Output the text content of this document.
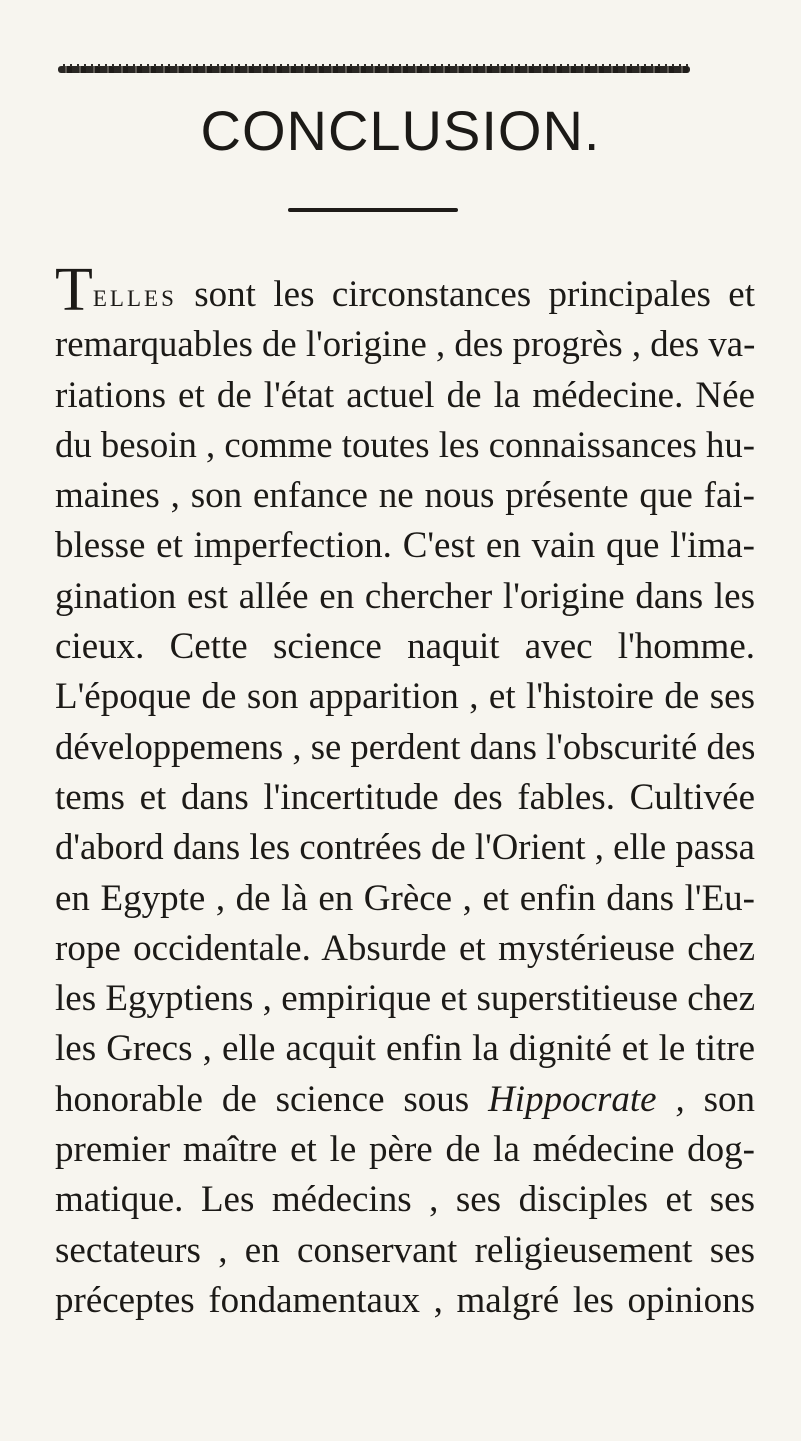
CONCLUSION.
Telles sont les circonstances principales et
remarquables de l'origine , des progrès , des va-
riations et de l'état actuel de la médecine. Née
du besoin , comme toutes les connaissances hu-
maines , son enfance ne nous présente que fai-
blesse et imperfection. C'est en vain que l'ima-
gination est allée en chercher l'origine dans les
cieux. Cette science naquit avec l'homme.
L'époque de son apparition , et l'histoire de ses
développemens , se perdent dans l'obscurité des
tems et dans l'incertitude des fables. Cultivée
d'abord dans les contrées de l'Orient , elle passa
en Egypte , de là en Grèce , et enfin dans l'Eu-
rope occidentale. Absurde et mystérieuse chez
les Egyptiens , empirique et superstitieuse chez
les Grecs , elle acquit enfin la dignité et le titre
honorable de science sous Hippocrate , son
premier maître et le père de la médecine dog-
matique. Les médecins , ses disciples et ses
sectateurs , en conservant religieusement ses
préceptes fondamentaux , malgré les opinions
